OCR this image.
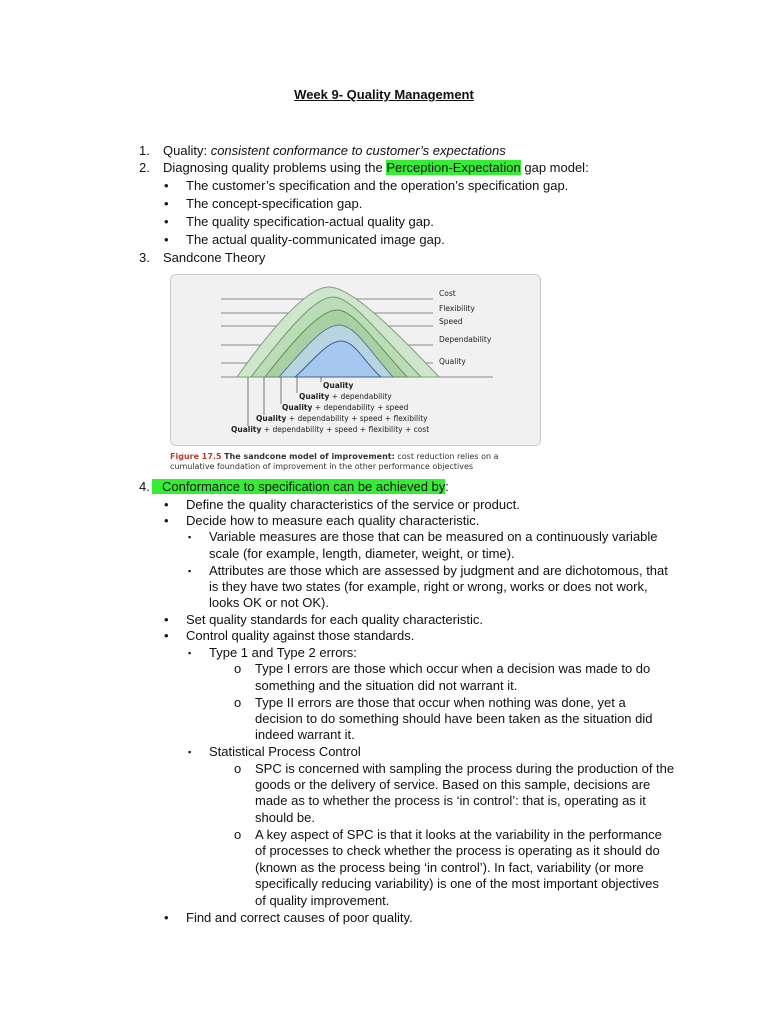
Week 9- Quality Management
1. Quality: consistent conformance to customer’s expectations
2. Diagnosing quality problems using the Perception-Expectation gap model:
• The customer’s specification and the operation’s specification gap.
• The concept-specification gap.
• The quality specification-actual quality gap.
• The actual quality-communicated image gap.
3. Sandcone Theory
Cost
Flexibility
Speed
Dependability
Quality
Quality
Quality + dependability
Quality + dependability + speed
Quality + dependability + speed + flexibility
Quality + dependability + speed + flexibility + cost
Figure 17.5 The sandcone model of improvement: cost reduction relies on a cumulative foundation of improvement in the other performance objectives
4. Conformance to specification can be achieved by:
• Define the quality characteristics of the service or product.
• Decide how to measure each quality characteristic.
▪ Variable measures are those that can be measured on a continuously variable
scale (for example, length, diameter, weight, or time).
▪ Attributes are those which are assessed by judgment and are dichotomous, that
is they have two states (for example, right or wrong, works or does not work,
looks OK or not OK).
• Set quality standards for each quality characteristic.
• Control quality against those standards.
▪ Type 1 and Type 2 errors:
o Type I errors are those which occur when a decision was made to do
something and the situation did not warrant it.
o Type II errors are those that occur when nothing was done, yet a
decision to do something should have been taken as the situation did
indeed warrant it.
▪ Statistical Process Control
o SPC is concerned with sampling the process during the production of the
goods or the delivery of service. Based on this sample, decisions are
made as to whether the process is ‘in control’: that is, operating as it
should be.
o A key aspect of SPC is that it looks at the variability in the performance
of processes to check whether the process is operating as it should do
(known as the process being ‘in control’). In fact, variability (or more
specifically reducing variability) is one of the most important objectives
of quality improvement.
• Find and correct causes of poor quality.
